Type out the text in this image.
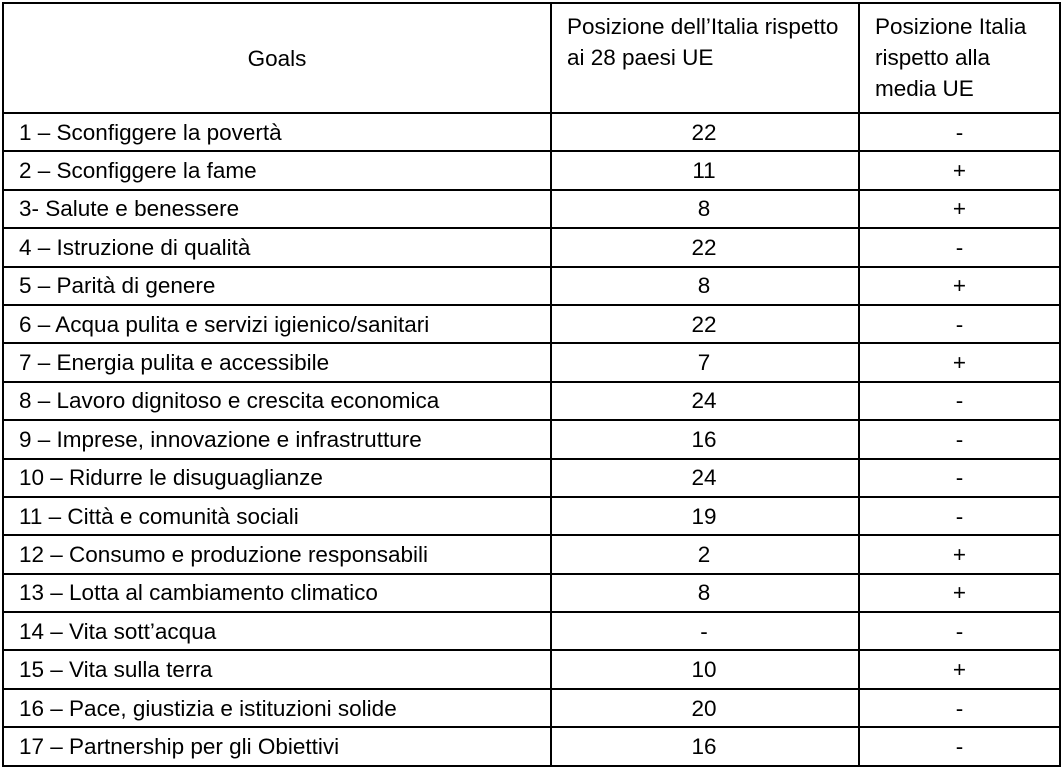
Goals	Posizione dell’Italia rispetto ai 28 paesi UE	Posizione Italia rispetto alla media UE
1 – Sconfiggere la povertà	22	-
2 – Sconfiggere la fame	11	+
3- Salute e benessere	8	+
4 – Istruzione di qualità	22	-
5 – Parità di genere	8	+
6 – Acqua pulita e servizi igienico/sanitari	22	-
7 – Energia pulita e accessibile	7	+
8 – Lavoro dignitoso e crescita economica	24	-
9 – Imprese, innovazione e infrastrutture	16	-
10 – Ridurre le disuguaglianze	24	-
11 – Città e comunità sociali	19	-
12 – Consumo e produzione responsabili	2	+
13 – Lotta al cambiamento climatico	8	+
14 – Vita sott’acqua	-	-
15 – Vita sulla terra	10	+
16 – Pace, giustizia e istituzioni solide	20	-
17 – Partnership per gli Obiettivi	16	-
